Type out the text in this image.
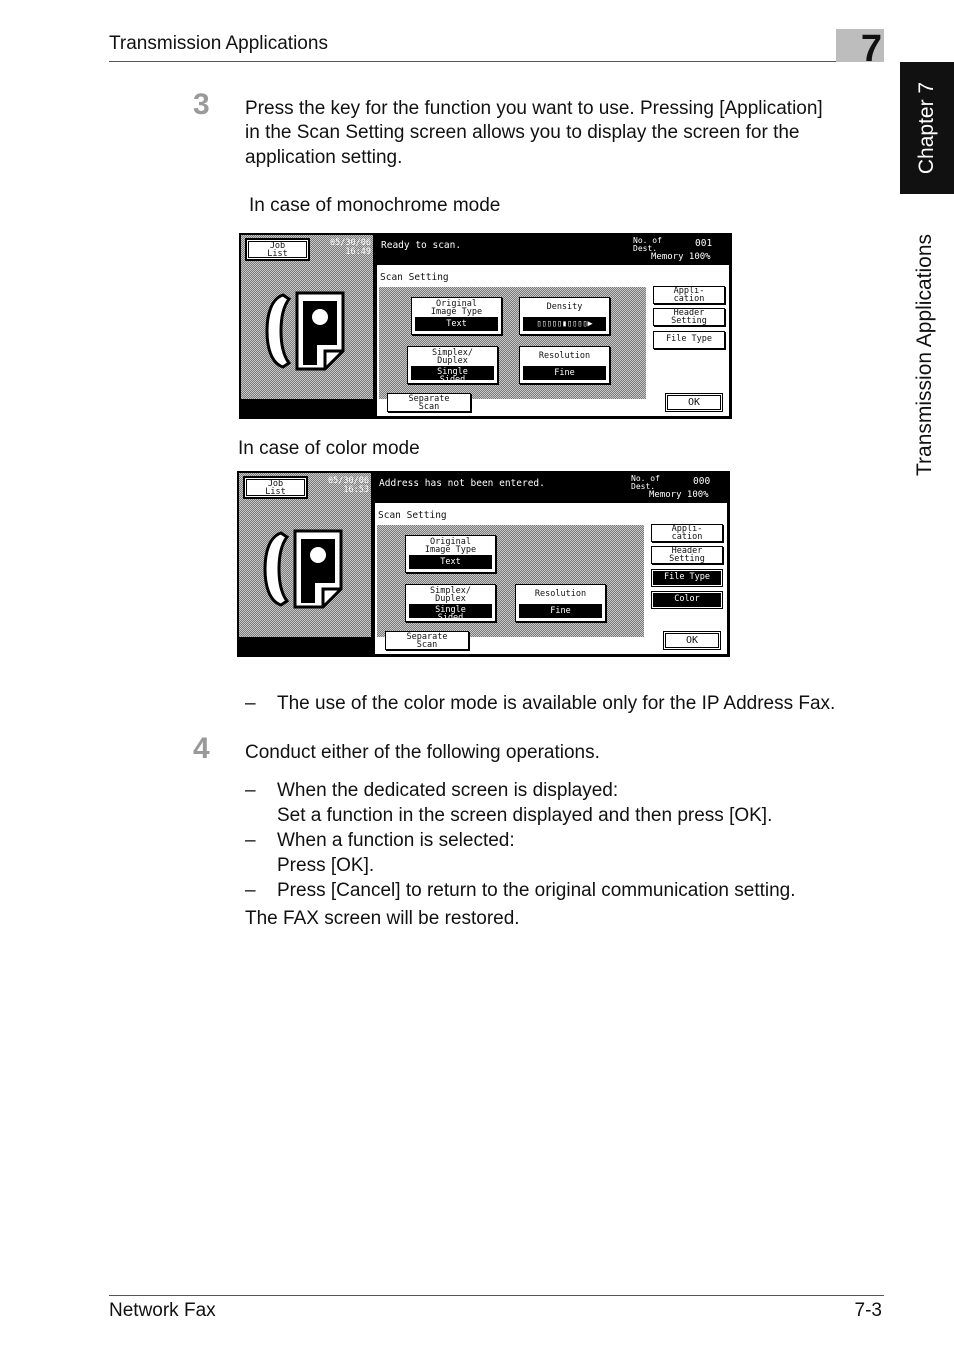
Transmission Applications	7
Chapter 7
Transmission Applications
3 Press the key for the function you want to use. Pressing [Application]
in the Scan Setting screen allows you to display the screen for the
application setting.
In case of monochrome mode
Job
List
05/30/06
16:49
Ready to scan.	No. of
Dest.	001
Memory 100%
Scan Setting
Original
Image Type
Text
Density
▯▯▯▯▯▮▯▯▯▯▶
Simplex/
Duplex
Single
Sided
Resolution
Fine
Appli-
cation
Header
Setting
File Type
Separate
Scan	OK
In case of color mode
Job
List
05/30/06
16:53
Address has not been entered.	No. of
Dest.	000
Memory 100%
Scan Setting
Original
Image Type
Text
Simplex/
Duplex
Single
Sided
Resolution
Fine
Appli-
cation
Header
Setting
File Type
Color
Separate
Scan	OK
– The use of the color mode is available only for the IP Address Fax.
4 Conduct either of the following operations.
– When the dedicated screen is displayed:
Set a function in the screen displayed and then press [OK].
– When a function is selected:
Press [OK].
– Press [Cancel] to return to the original communication setting.
The FAX screen will be restored.
Network Fax	7-3
